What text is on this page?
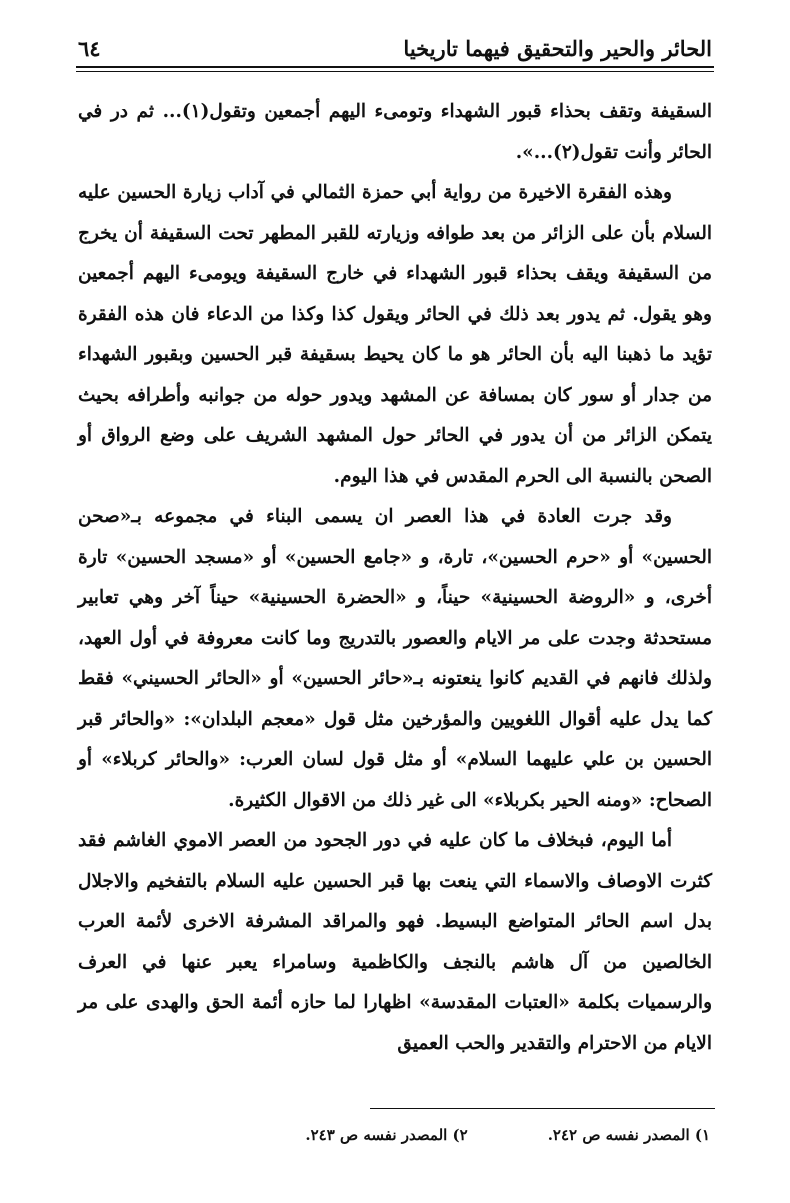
الحائر والحير والتحقيق فيهما تاريخيا
٦٤

السقيفة وتقف بحذاء قبور الشهداء وتومىء اليهم أجمعين وتقول(١)... ثم در في الحائر وأنت تقول(٢)...».

وهذه الفقرة الاخيرة من رواية أبي حمزة الثمالي في آداب زيارة الحسين عليه السلام بأن على الزائر من بعد طوافه وزيارته للقبر المطهر تحت السقيفة أن يخرج من السقيفة ويقف بحذاء قبور الشهداء في خارج السقيفة ويومىء اليهم أجمعين وهو يقول. ثم يدور بعد ذلك في الحائر ويقول كذا وكذا من الدعاء فان هذه الفقرة تؤيد ما ذهبنا اليه بأن الحائر هو ما كان يحيط بسقيفة قبر الحسين وبقبور الشهداء من جدار أو سور كان بمسافة عن المشهد ويدور حوله من جوانبه وأطرافه بحيث يتمكن الزائر من أن يدور في الحائر حول المشهد الشريف على وضع الرواق أو الصحن بالنسبة الى الحرم المقدس في هذا اليوم.

وقد جرت العادة في هذا العصر ان يسمى البناء في مجموعه بـ«صحن الحسين» أو «حرم الحسين»، تارة، و «جامع الحسين» أو «مسجد الحسين» تارة أخرى، و «الروضة الحسينية» حيناً، و «الحضرة الحسينية» حيناً آخر وهي تعابير مستحدثة وجدت على مر الايام والعصور بالتدريج وما كانت معروفة في أول العهد، ولذلك فانهم في القديم كانوا ينعتونه بـ«حائر الحسين» أو «الحائر الحسيني» فقط كما يدل عليه أقوال اللغويين والمؤرخين مثل قول «معجم البلدان»: «والحائر قبر الحسين بن علي عليهما السلام» أو مثل قول لسان العرب: «والحائر كربلاء» أو الصحاح: «ومنه الحير بكربلاء» الى غير ذلك من الاقوال الكثيرة.

أما اليوم، فبخلاف ما كان عليه في دور الجحود من العصر الاموي الغاشم فقد كثرت الاوصاف والاسماء التي ينعت بها قبر الحسين عليه السلام بالتفخيم والاجلال بدل اسم الحائر المتواضع البسيط. فهو والمراقد المشرفة الاخرى لأئمة العرب الخالصين من آل هاشم بالنجف والكاظمية وسامراء يعبر عنها في العرف والرسميات بكلمة «العتبات المقدسة» اظهارا لما حازه أئمة الحق والهدى على مر الايام من الاحترام والتقدير والحب العميق

١) المصدر نفسه ص ٢٤٢.
٢) المصدر نفسه ص ٢٤٣.
